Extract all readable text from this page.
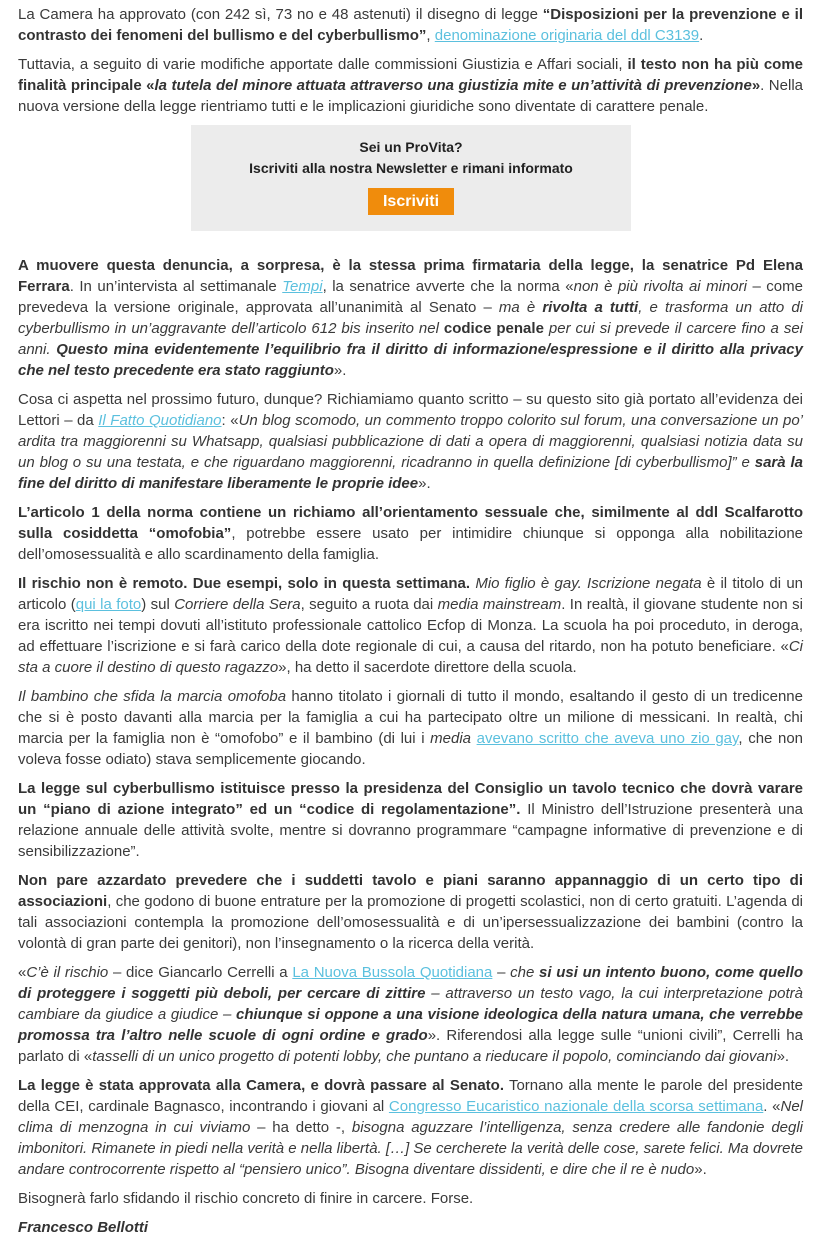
La Camera ha approvato (con 242 sì, 73 no e 48 astenuti) il disegno di legge “Disposizioni per la prevenzione e il contrasto dei fenomeni del bullismo e del cyberbullismo”, denominazione originaria del ddl C3139.

Tuttavia, a seguito di varie modifiche apportate dalle commissioni Giustizia e Affari sociali, il testo non ha più come finalità principale «la tutela del minore attuata attraverso una giustizia mite e un’attività di prevenzione». Nella nuova versione della legge rientriamo tutti e le implicazioni giuridiche sono diventate di carattere penale.

Sei un ProVita?
Iscriviti alla nostra Newsletter e rimani informato
Iscriviti

A muovere questa denuncia, a sorpresa, è la stessa prima firmataria della legge, la senatrice Pd Elena Ferrara. In un’intervista al settimanale Tempi, la senatrice avverte che la norma «non è più rivolta ai minori – come prevedeva la versione originale, approvata all’unanimità al Senato – ma è rivolta a tutti, e trasforma un atto di cyberbullismo in un’aggravante dell’articolo 612 bis inserito nel codice penale per cui si prevede il carcere fino a sei anni. Questo mina evidentemente l’equilibrio fra il diritto di informazione/espressione e il diritto alla privacy che nel testo precedente era stato raggiunto».

Cosa ci aspetta nel prossimo futuro, dunque? Richiamiamo quanto scritto – su questo sito già portato all’evidenza dei Lettori – da Il Fatto Quotidiano: «Un blog scomodo, un commento troppo colorito sul forum, una conversazione un po’ ardita tra maggiorenni su Whatsapp, qualsiasi pubblicazione di dati a opera di maggiorenni, qualsiasi notizia data su un blog o su una testata, e che riguardano maggiorenni, ricadranno in quella definizione [di cyberbullismo]” e sarà la fine del diritto di manifestare liberamente le proprie idee».

L’articolo 1 della norma contiene un richiamo all’orientamento sessuale che, similmente al ddl Scalfarotto sulla cosiddetta “omofobia”, potrebbe essere usato per intimidire chiunque si opponga alla nobilitazione dell’omosessualità e allo scardinamento della famiglia.

Il rischio non è remoto. Due esempi, solo in questa settimana. Mio figlio è gay. Iscrizione negata è il titolo di un articolo (qui la foto) sul Corriere della Sera, seguito a ruota dai media mainstream. In realtà, il giovane studente non si era iscritto nei tempi dovuti all’istituto professionale cattolico Ecfop di Monza. La scuola ha poi proceduto, in deroga, ad effettuare l’iscrizione e si farà carico della dote regionale di cui, a causa del ritardo, non ha potuto beneficiare. «Ci sta a cuore il destino di questo ragazzo», ha detto il sacerdote direttore della scuola.

Il bambino che sfida la marcia omofoba hanno titolato i giornali di tutto il mondo, esaltando il gesto di un tredicenne che si è posto davanti alla marcia per la famiglia a cui ha partecipato oltre un milione di messicani. In realtà, chi marcia per la famiglia non è “omofobo” e il bambino (di lui i media avevano scritto che aveva uno zio gay, che non voleva fosse odiato) stava semplicemente giocando.

La legge sul cyberbullismo istituisce presso la presidenza del Consiglio un tavolo tecnico che dovrà varare un “piano di azione integrato” ed un “codice di regolamentazione”. Il Ministro dell’Istruzione presenterà una relazione annuale delle attività svolte, mentre si dovranno programmare “campagne informative di prevenzione e di sensibilizzazione”.

Non pare azzardato prevedere che i suddetti tavolo e piani saranno appannaggio di un certo tipo di associazioni, che godono di buone entrature per la promozione di progetti scolastici, non di certo gratuiti. L’agenda di tali associazioni contempla la promozione dell’omosessualità e di un’ipersessualizzazione dei bambini (contro la volontà di gran parte dei genitori), non l’insegnamento o la ricerca della verità.

«C’è il rischio – dice Giancarlo Cerrelli a La Nuova Bussola Quotidiana – che si usi un intento buono, come quello di proteggere i soggetti più deboli, per cercare di zittire – attraverso un testo vago, la cui interpretazione potrà cambiare da giudice a giudice – chiunque si oppone a una visione ideologica della natura umana, che verrebbe promossa tra l’altro nelle scuole di ogni ordine e grado». Riferendosi alla legge sulle “unioni civili”, Cerrelli ha parlato di «tasselli di un unico progetto di potenti lobby, che puntano a rieducare il popolo, cominciando dai giovani».

La legge è stata approvata alla Camera, e dovrà passare al Senato. Tornano alla mente le parole del presidente della CEI, cardinale Bagnasco, incontrando i giovani al Congresso Eucaristico nazionale della scorsa settimana. «Nel clima di menzogna in cui viviamo – ha detto -, bisogna aguzzare l’intelligenza, senza credere alle fandonie degli imbonitori. Rimanete in piedi nella verità e nella libertà. […] Se cercherete la verità delle cose, sarete felici. Ma dovrete andare controcorrente rispetto al “pensiero unico”. Bisogna diventare dissidenti, e dire che il re è nudo».

Bisognerà farlo sfidando il rischio concreto di finire in carcere. Forse.

Francesco Bellotti
